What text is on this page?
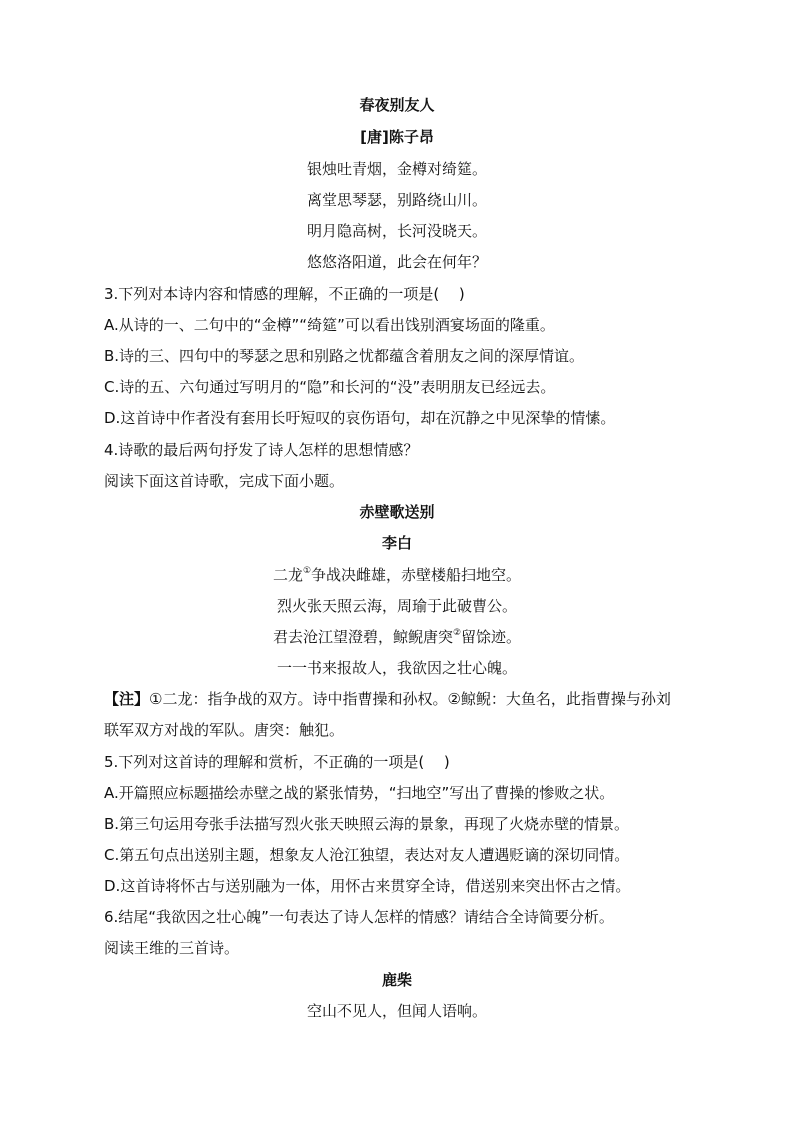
春夜别友人
[唐]陈子昂
银烛吐青烟，金樽对绮筵。
离堂思琴瑟，别路绕山川。
明月隐高树，长河没晓天。
悠悠洛阳道，此会在何年？
3.下列对本诗内容和情感的理解，不正确的一项是(　 )
A.从诗的一、二句中的“金樽”“绮筵”可以看出饯别酒宴场面的隆重。
B.诗的三、四句中的琴瑟之思和别路之忧都蕴含着朋友之间的深厚情谊。
C.诗的五、六句通过写明月的“隐”和长河的“没”表明朋友已经远去。
D.这首诗中作者没有套用长吁短叹的哀伤语句，却在沉静之中见深挚的情愫。
4.诗歌的最后两句抒发了诗人怎样的思想情感？
阅读下面这首诗歌，完成下面小题。
赤壁歌送别
李白
二龙①争战决雌雄，赤壁楼船扫地空。
烈火张天照云海，周瑜于此破曹公。
君去沧江望澄碧，鲸鲵唐突②留馀迹。
一一书来报故人，我欲因之壮心魄。
【注】①二龙：指争战的双方。诗中指曹操和孙权。②鲸鲵：大鱼名，此指曹操与孙刘
联军双方对战的军队。唐突：触犯。
5.下列对这首诗的理解和赏析，不正确的一项是(　 )
A.开篇照应标题描绘赤壁之战的紧张情势，“扫地空”写出了曹操的惨败之状。
B.第三句运用夸张手法描写烈火张天映照云海的景象，再现了火烧赤壁的情景。
C.第五句点出送别主题，想象友人沧江独望，表达对友人遭遇贬谪的深切同情。
D.这首诗将怀古与送别融为一体，用怀古来贯穿全诗，借送别来突出怀古之情。
6.结尾“我欲因之壮心魄”一句表达了诗人怎样的情感？请结合全诗简要分析。
阅读王维的三首诗。
鹿柴
空山不见人，但闻人语响。
